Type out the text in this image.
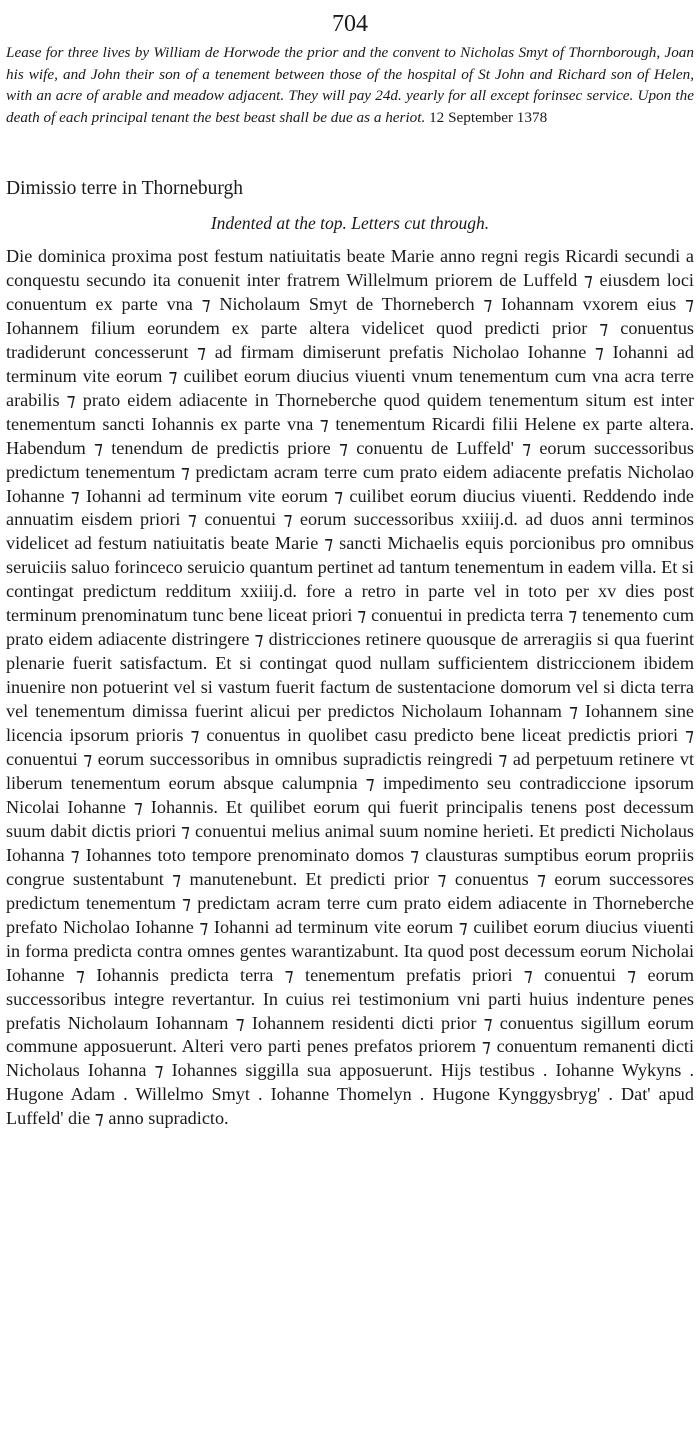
704
Lease for three lives by William de Horwode the prior and the convent to Nicholas Smyt of Thornborough, Joan his wife, and John their son of a tenement between those of the hospital of St John and Richard son of Helen, with an acre of arable and meadow adjacent. They will pay 24d. yearly for all except forinsec service. Upon the death of each principal tenant the best beast shall be due as a heriot. 12 September 1378
Dimissio terre in Thorneburgh
Indented at the top. Letters cut through.
Die dominica proxima post festum natiuitatis beate Marie anno regni regis Ricardi secundi a conquestu secundo ita conuenit inter fratrem Willelmum priorem de Luffeld ⁊ eiusdem loci conuentum ex parte vna ⁊ Nicholaum Smyt de Thorneberch ⁊ Iohannam vxorem eius ⁊ Iohannem filium eorundem ex parte altera videlicet quod predicti prior ⁊ conuentus tradiderunt concesserunt ⁊ ad firmam dimiserunt prefatis Nicholao Iohanne ⁊ Iohanni ad terminum vite eorum ⁊ cuilibet eorum diucius viuenti vnum tenementum cum vna acra terre arabilis ⁊ prato eidem adiacente in Thorneberche quod quidem tenementum situm est inter tenementum sancti Iohannis ex parte vna ⁊ tenementum Ricardi filii Helene ex parte altera. Habendum ⁊ tenendum de predictis priore ⁊ conuentu de Luffeld' ⁊ eorum successoribus predictum tenementum ⁊ predictam acram terre cum prato eidem adiacente prefatis Nicholao Iohanne ⁊ Iohanni ad terminum vite eorum ⁊ cuilibet eorum diucius viuenti. Reddendo inde annuatim eisdem priori ⁊ conuentui ⁊ eorum successoribus xxiiij.d. ad duos anni terminos videlicet ad festum natiuitatis beate Marie ⁊ sancti Michaelis equis porcionibus pro omnibus seruiciis saluo forinceco seruicio quantum pertinet ad tantum tenementum in eadem villa. Et si contingat predictum redditum xxiiij.d. fore a retro in parte vel in toto per xv dies post terminum prenominatum tunc bene liceat priori ⁊ conuentui in predicta terra ⁊ tenemento cum prato eidem adiacente distringere ⁊ districciones retinere quousque de arreragiis si qua fuerint plenarie fuerit satisfactum. Et si contingat quod nullam sufficientem districcionem ibidem inuenire non potuerint vel si vastum fuerit factum de sustentacione domorum vel si dicta terra vel tenementum dimissa fuerint alicui per predictos Nicholaum Iohannam ⁊ Iohannem sine licencia ipsorum prioris ⁊ conuentus in quolibet casu predicto bene liceat predictis priori ⁊ conuentui ⁊ eorum successoribus in omnibus supradictis reingredi ⁊ ad perpetuum retinere vt liberum tenementum eorum absque calumpnia ⁊ impedimento seu contradiccione ipsorum Nicolai Iohanne ⁊ Iohannis. Et quilibet eorum qui fuerit principalis tenens post decessum suum dabit dictis priori ⁊ conuentui melius animal suum nomine herieti. Et predicti Nicholaus Iohanna ⁊ Iohannes toto tempore prenominato domos ⁊ clausturas sumptibus eorum propriis congrue sustentabunt ⁊ manutenebunt. Et predicti prior ⁊ conuentus ⁊ eorum successores predictum tenementum ⁊ predictam acram terre cum prato eidem adiacente in Thorneberche prefato Nicholao Iohanne ⁊ Iohanni ad terminum vite eorum ⁊ cuilibet eorum diucius viuenti in forma predicta contra omnes gentes warantizabunt. Ita quod post decessum eorum Nicholai Iohanne ⁊ Iohannis predicta terra ⁊ tenementum prefatis priori ⁊ conuentui ⁊ eorum successoribus integre revertantur. In cuius rei testimonium vni parti huius indenture penes prefatis Nicholaum Iohannam ⁊ Iohannem residenti dicti prior ⁊ conuentus sigillum eorum commune apposuerunt. Alteri vero parti penes prefatos priorem ⁊ conuentum remanenti dicti Nicholaus Iohanna ⁊ Iohannes siggilla sua apposuerunt. Hijs testibus . Iohanne Wykyns . Hugone Adam . Willelmo Smyt . Iohanne Thomelyn . Hugone Kynggysbryg' . Dat' apud Luffeld' die ⁊ anno supradicto.
